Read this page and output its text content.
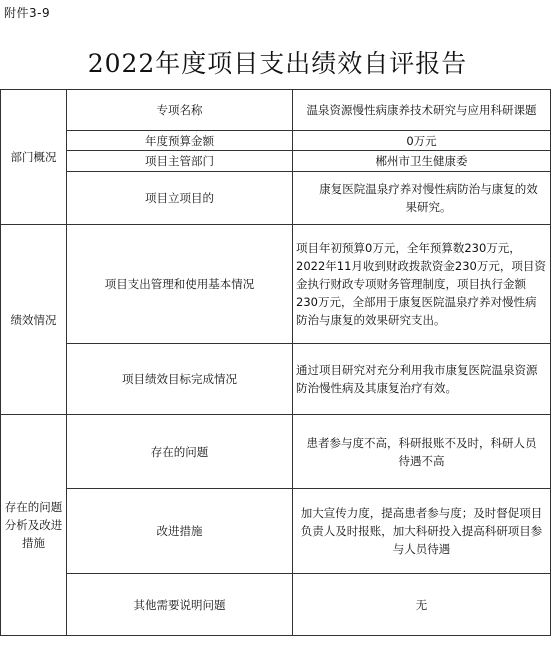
附件3-9
2022年度项目支出绩效自评报告
部门概况	专项名称	温泉资源慢性病康养技术研究与应用科研课题
	年度预算金额	0万元
	项目主管部门	郴州市卫生健康委
	项目立项目的	康复医院温泉疗养对慢性病防治与康复的效果研究。
绩效情况	项目支出管理和使用基本情况	项目年初预算0万元，全年预算数230万元，2022年11月收到财政拨款资金230万元，项目资金执行财政专项财务管理制度，项目执行金额230万元，全部用于康复医院温泉疗养对慢性病防治与康复的效果研究支出。
	项目绩效目标完成情况	通过项目研究对充分利用我市康复医院温泉资源防治慢性病及其康复治疗有效。
存在的问题分析及改进措施	存在的问题	患者参与度不高，科研报账不及时，科研人员待遇不高
	改进措施	加大宣传力度，提高患者参与度；及时督促项目负责人及时报账，加大科研投入提高科研项目参与人员待遇
	其他需要说明问题	无
